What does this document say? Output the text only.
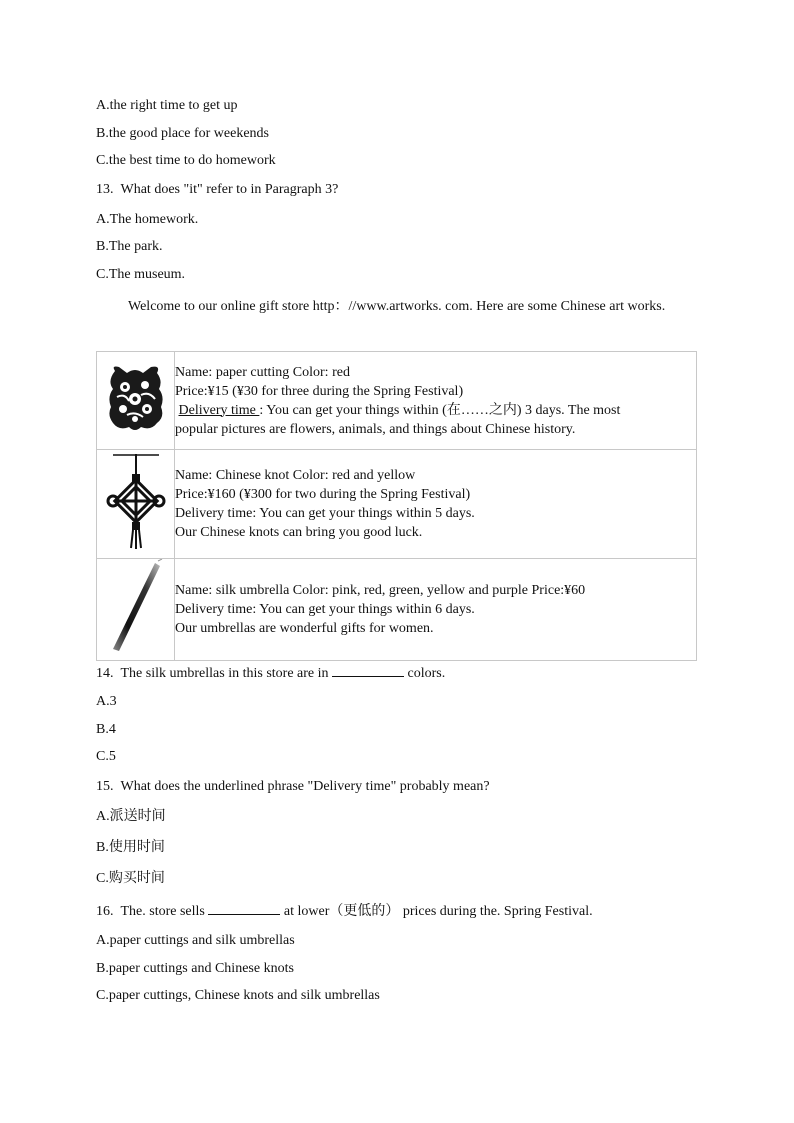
A.the right time to get up
B.the good place for weekends
C.the best time to do homework
13. What does "it" refer to in Paragraph 3?
A.The homework.
B.The park.
C.The museum.
Welcome to our online gift store http：//www.artworks. com. Here are some Chinese art works.

Name: paper cutting Color: red
Price:¥15 (¥30 for three during the Spring Festival)
Delivery time : You can get your things within (在……之内) 3 days. The most
popular pictures are flowers, animals, and things about Chinese history.

Name: Chinese knot Color: red and yellow
Price:¥160 (¥300 for two during the Spring Festival)
Delivery time: You can get your things within 5 days.
Our Chinese knots can bring you good luck.

Name: silk umbrella Color: pink, red, green, yellow and purple Price:¥60
Delivery time: You can get your things within 6 days.
Our umbrellas are wonderful gifts for women.
14. The silk umbrellas in this store are in	colors.
A.3
B.4
C.5
15. What does the underlined phrase "Delivery time" probably mean?
A.派送时间
B.使用时间
C.购买时间
16. The. store sells	at lower（更低的） prices during the. Spring Festival.
A.paper cuttings and silk umbrellas
B.paper cuttings and Chinese knots
C.paper cuttings, Chinese knots and silk umbrellas
